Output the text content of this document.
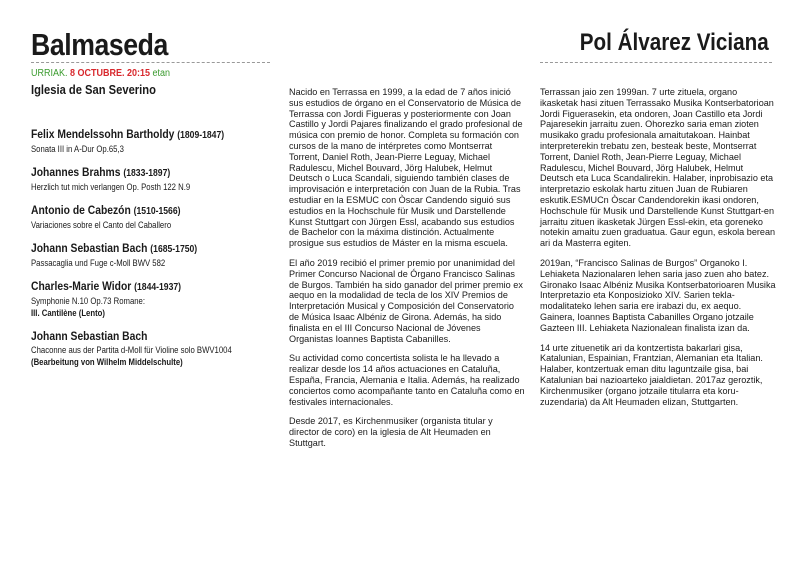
Balmaseda	Pol Álvarez Viciana
URRIAK. 8 OCTUBRE. 20:15 etan
Iglesia de San Severino
Felix Mendelssohn Bartholdy (1809-1847)
Sonata III in A-Dur Op.65,3
Johannes Brahms (1833-1897)
Herzlich tut mich verlangen Op. Posth 122 N.9
Antonio de Cabezón (1510-1566)
Variaciones sobre el Canto del Caballero
Johann Sebastian Bach (1685-1750)
Passacaglia und Fuge c-Moll BWV 582
Charles-Marie Widor (1844-1937)
Symphonie N.10 Op.73 Romane:
III. Cantilène (Lento)
Johann Sebastian Bach
Chaconne aus der Partita d-Moll für Violine solo BWV1004
(Bearbeitung von Wilhelm Middelschulte)

Nacido en Terrassa en 1999, a la edad de 7 años inició sus estudios de órgano en el Conservatorio de Música de Terrassa con Jordi Figueras y posteriormente con Joan Castillo y Jordi Pajares finalizando el grado profesional de música con premio de honor. Completa su formación con cursos de la mano de intérpretes como Montserrat Torrent, Daniel Roth, Jean-Pierre Leguay, Michael Radulescu, Michel Bouvard, Jörg Halubek, Helmut Deutsch o Luca Scandali, siguiendo también clases de improvisación e interpretación con Juan de la Rubia. Tras estudiar en la ESMUC con Òscar Candendo siguió sus estudios en la Hochschule für Musik und Darstellende Kunst Stuttgart con Jürgen Essl, acabando sus estudios de Bachelor con la máxima distinción. Actualmente prosigue sus estudios de Máster en la misma escuela.

El año 2019 recibió el primer premio por unanimidad del Primer Concurso Nacional de Órgano Francisco Salinas de Burgos. También ha sido ganador del primer premio ex aequo en la modalidad de tecla de los XIV Premios de Interpretación Musical y Composición del Conservatorio de Música Isaac Albéniz de Girona. Además, ha sido finalista en el III Concurso Nacional de Jóvenes Organistas Ioannes Baptista Cabanilles.

Su actividad como concertista solista le ha llevado a realizar desde los 14 años actuaciones en Cataluña, España, Francia, Alemania e Italia. Además, ha realizado conciertos como acompañante tanto en Cataluña como en festivales internacionales.

Desde 2017, es Kirchenmusiker (organista titular y director de coro) en la iglesia de Alt Heumaden en Stuttgart.

Terrassan jaio zen 1999an. 7 urte zituela, organo ikasketak hasi zituen Terrassako Musika Kontserbatorioan Jordi Figuerasekin, eta ondoren, Joan Castillo eta Jordi Pajaresekin jarraitu zuen. Ohorezko saria eman zioten musikako gradu profesionala amaitutakoan. Hainbat interpreterekin trebatu zen, besteak beste, Montserrat Torrent, Daniel Roth, Jean-Pierre Leguay, Michael Radulescu, Michel Bouvard, Jörg Halubek, Helmut Deutsch eta Luca Scandalirekin. Halaber, inprobisazio eta interpretazio eskolak hartu zituen Juan de Rubiaren eskutik.ESMUCn Òscar Candendorekin ikasi ondoren, Hochschule für Musik und Darstellende Kunst Stuttgart-en jarraitu zituen ikasketak Jürgen Essl-ekin, eta goreneko notekin amaitu zuen graduatua. Gaur egun, eskola berean ari da Masterra egiten.

2019an, “Francisco Salinas de Burgos” Organoko I. Lehiaketa Nazionalaren lehen saria jaso zuen aho batez. Gironako Isaac Albéniz Musika Kontserbatorioaren Musika Interpretazio eta Konposizioko XIV. Sarien tekla- modalitateko lehen saria ere irabazi du, ex aequo. Gainera, Ioannes Baptista Cabanilles Organo jotzaile Gazteen III. Lehiaketa Nazionalean finalista izan da.

14 urte zituenetik ari da kontzertista bakarlari gisa, Katalunian, Espainian, Frantzian, Alemanian eta Italian. Halaber, kontzertuak eman ditu laguntzaile gisa, bai Katalunian bai nazioarteko jaialdietan. 2017az geroztik, Kirchenmusiker (organo jotzaile titularra eta koru- zuzendaria) da Alt Heumaden elizan, Stuttgarten.
